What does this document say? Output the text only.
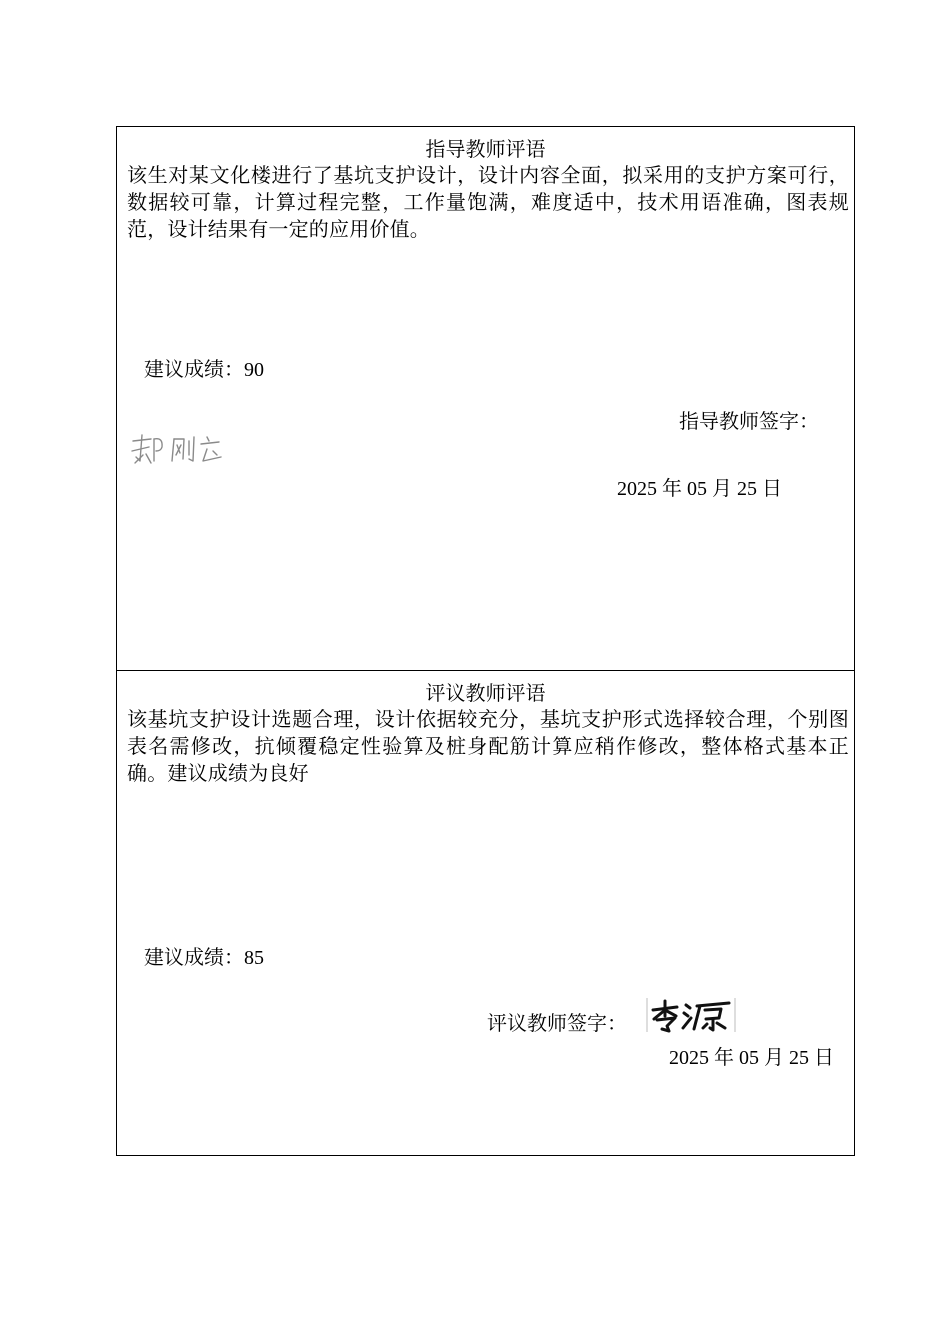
指导教师评语
该生对某文化楼进行了基坑支护设计，设计内容全面，拟采用的支护方案可行，数据较可靠，计算过程完整，工作量饱满，难度适中，技术用语准确，图表规范，设计结果有一定的应用价值。
建议成绩：90
指导教师签字：
2025 年 05 月 25 日
评议教师评语
该基坑支护设计选题合理，设计依据较充分，基坑支护形式选择较合理，个别图表名需修改，抗倾覆稳定性验算及桩身配筋计算应稍作修改，整体格式基本正确。建议成绩为良好
建议成绩：85
评议教师签字：
2025 年 05 月 25 日
